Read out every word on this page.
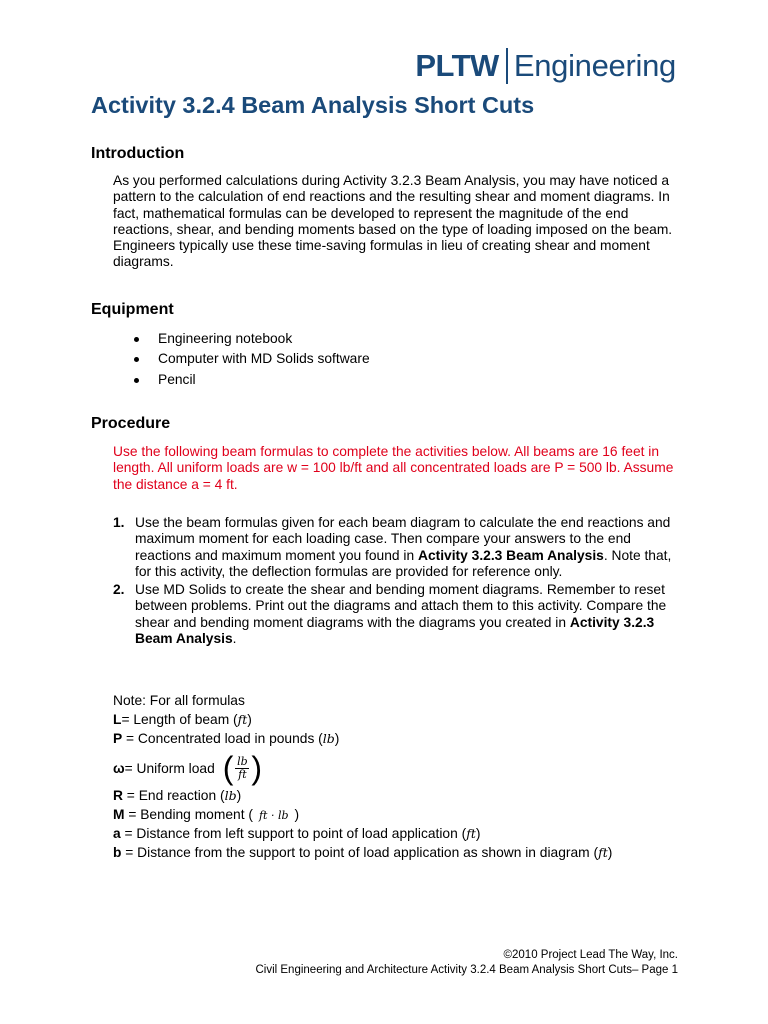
PLTW Engineering
Activity 3.2.4 Beam Analysis Short Cuts
Introduction

As you performed calculations during Activity 3.2.3 Beam Analysis, you may have noticed a pattern to the calculation of end reactions and the resulting shear and moment diagrams. In fact, mathematical formulas can be developed to represent the magnitude of the end reactions, shear, and bending moments based on the type of loading imposed on the beam. Engineers typically use these time-saving formulas in lieu of creating shear and moment diagrams.

Equipment
Engineering notebook
Computer with MD Solids software
Pencil
Procedure

Use the following beam formulas to complete the activities below. All beams are 16 feet in length. All uniform loads are w = 100 lb/ft and all concentrated loads are P = 500 lb. Assume the distance a = 4 ft.

1. Use the beam formulas given for each beam diagram to calculate the end reactions and maximum moment for each loading case. Then compare your answers to the end reactions and maximum moment you found in Activity 3.2.3 Beam Analysis. Note that, for this activity, the deflection formulas are provided for reference only.
2. Use MD Solids to create the shear and bending moment diagrams. Remember to reset between problems. Print out the diagrams and attach them to this activity. Compare the shear and bending moment diagrams with the diagrams you created in Activity 3.2.3 Beam Analysis.
Note: For all formulas
L= Length of beam (ft)
P = Concentrated load in pounds (lb)
ω = Uniform load ( $\frac{lb}{ft}$ )
R = End reaction (lb)
M = Bending moment ( ft · lb )
a = Distance from left support to point of load application (ft)
b = Distance from the support to point of load application as shown in diagram (ft)
©2010 Project Lead The Way, Inc.
Civil Engineering and Architecture Activity 3.2.4 Beam Analysis Short Cuts– Page 1
